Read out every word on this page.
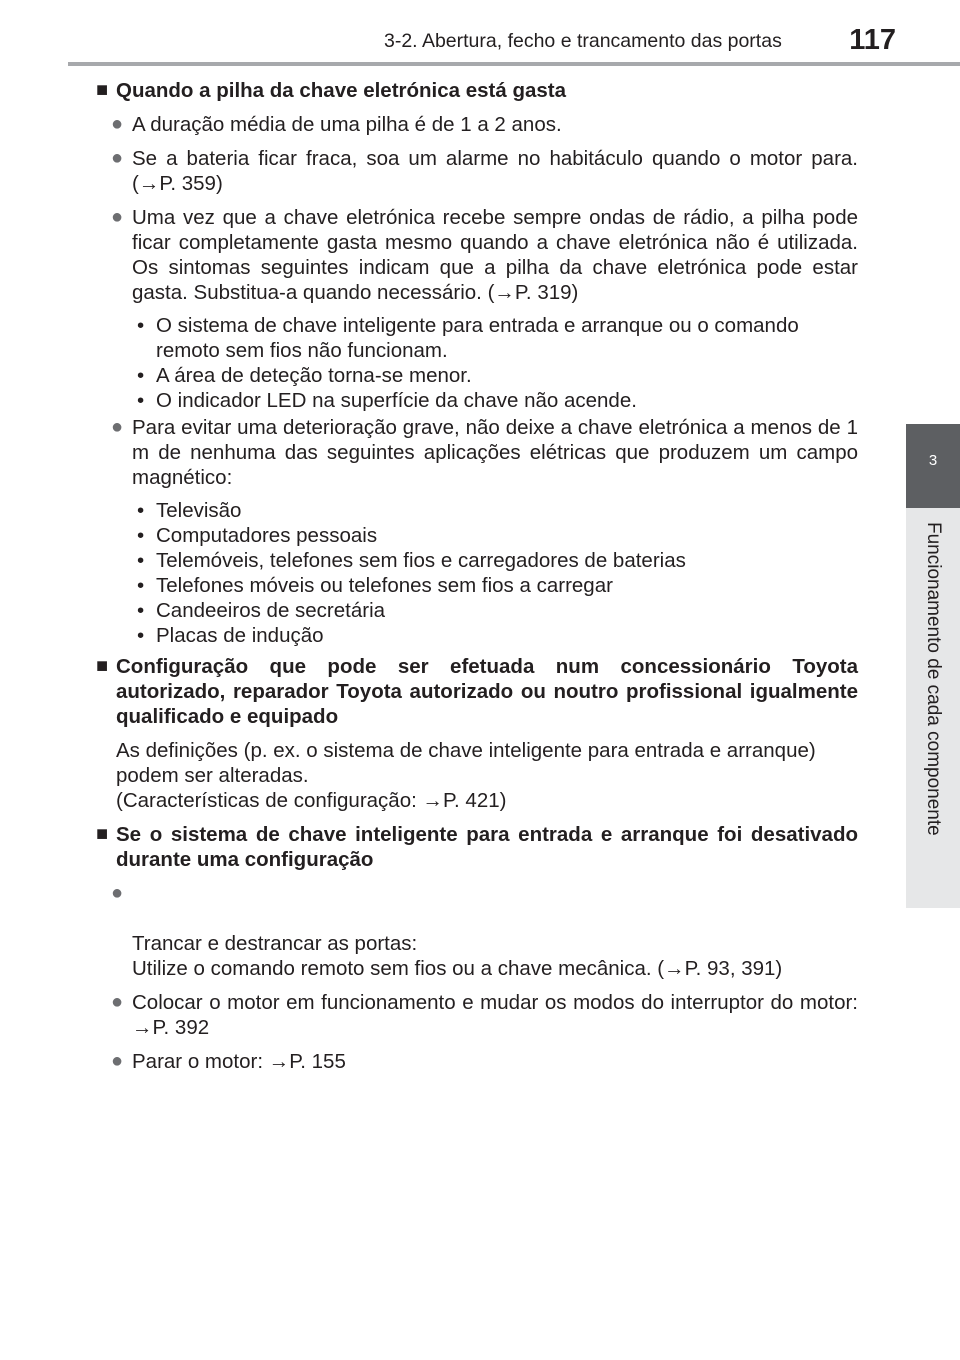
3-2. Abertura, fecho e trancamento das portas	117
3
Funcionamento de cada componente
■ Quando a pilha da chave eletrónica está gasta
● A duração média de uma pilha é de 1 a 2 anos.
● Se a bateria ficar fraca, soa um alarme no habitáculo quando o motor para. (→P. 359)
● Uma vez que a chave eletrónica recebe sempre ondas de rádio, a pilha pode ficar completamente gasta mesmo quando a chave eletrónica não é utilizada. Os sintomas seguintes indicam que a pilha da chave eletrónica pode estar gasta. Substitua-a quando necessário. (→P. 319)
• O sistema de chave inteligente para entrada e arranque ou o comando remoto sem fios não funcionam.
• A área de deteção torna-se menor.
• O indicador LED na superfície da chave não acende.
● Para evitar uma deterioração grave, não deixe a chave eletrónica a menos de 1 m de nenhuma das seguintes aplicações elétricas que produzem um campo magnético:
• Televisão
• Computadores pessoais
• Telemóveis, telefones sem fios e carregadores de baterias
• Telefones móveis ou telefones sem fios a carregar
• Candeeiros de secretária
• Placas de indução
■ Configuração que pode ser efetuada num concessionário Toyota autorizado, reparador Toyota autorizado ou noutro profissional igualmente qualificado e equipado
As definições (p. ex. o sistema de chave inteligente para entrada e arranque)
podem ser alteradas.
(Características de configuração: →P. 421)
■ Se o sistema de chave inteligente para entrada e arranque foi desativado durante uma configuração

●

Trancar e destrancar as portas:
Utilize o comando remoto sem fios ou a chave mecânica. (→P. 93, 391)

● Colocar o motor em funcionamento e mudar os modos do interruptor do motor: →P. 392
● Parar o motor: →P. 155
